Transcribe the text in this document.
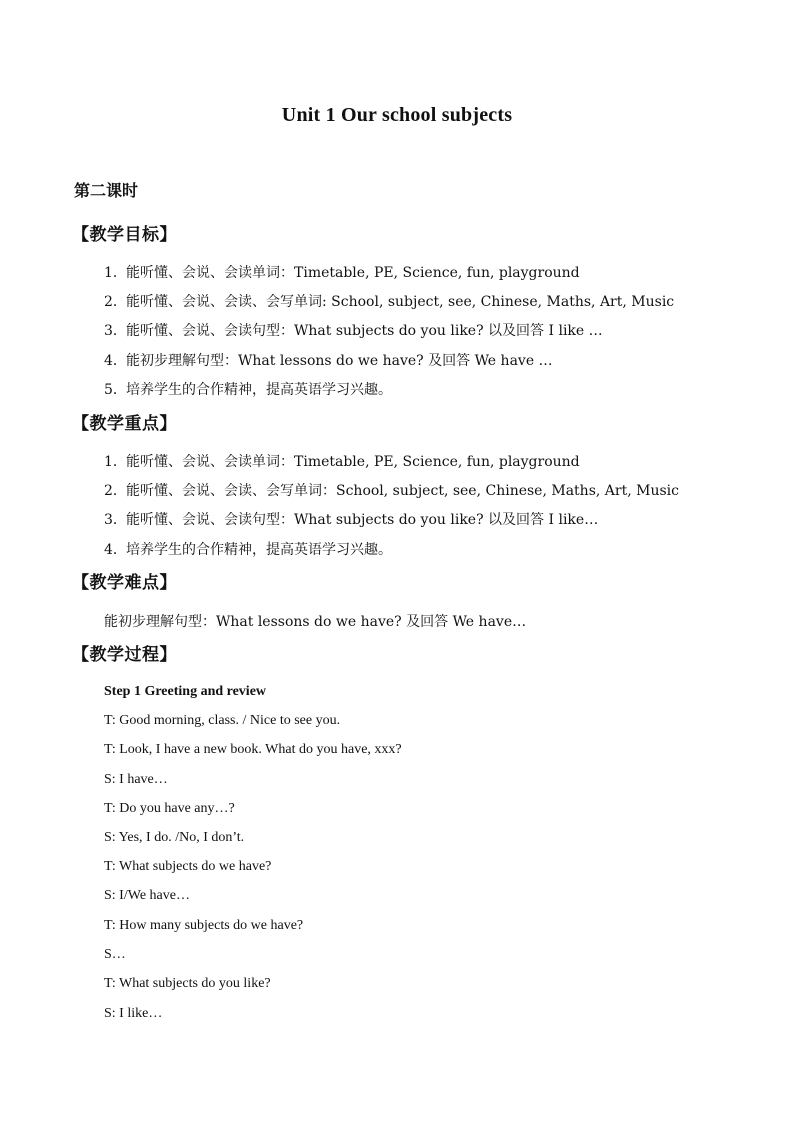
Unit 1 Our school subjects
第二课时
【教学目标】
1．能听懂、会说、会读单词：Timetable, PE, Science, fun, playground
2．能听懂、会说、会读、会写单词: School, subject, see, Chinese, Maths, Art, Music
3．能听懂、会说、会读句型：What subjects do you like? 以及回答 I like …
4．能初步理解句型：What lessons do we have? 及回答 We have …
5．培养学生的合作精神，提高英语学习兴趣。
【教学重点】
1．能听懂、会说、会读单词：Timetable, PE, Science, fun, playground
2．能听懂、会说、会读、会写单词：School, subject, see, Chinese, Maths, Art, Music
3．能听懂、会说、会读句型：What subjects do you like? 以及回答 I like…
4．培养学生的合作精神，提高英语学习兴趣。
【教学难点】
能初步理解句型：What lessons do we have? 及回答 We have…
【教学过程】
Step 1 Greeting and review
T: Good morning, class. / Nice to see you.
T: Look, I have a new book. What do you have, xxx?
S: I have…
T: Do you have any…?
S: Yes, I do. /No, I don’t.
T: What subjects do we have?
S: I/We have…
T: How many subjects do we have?
S…
T: What subjects do you like?
S: I like…
